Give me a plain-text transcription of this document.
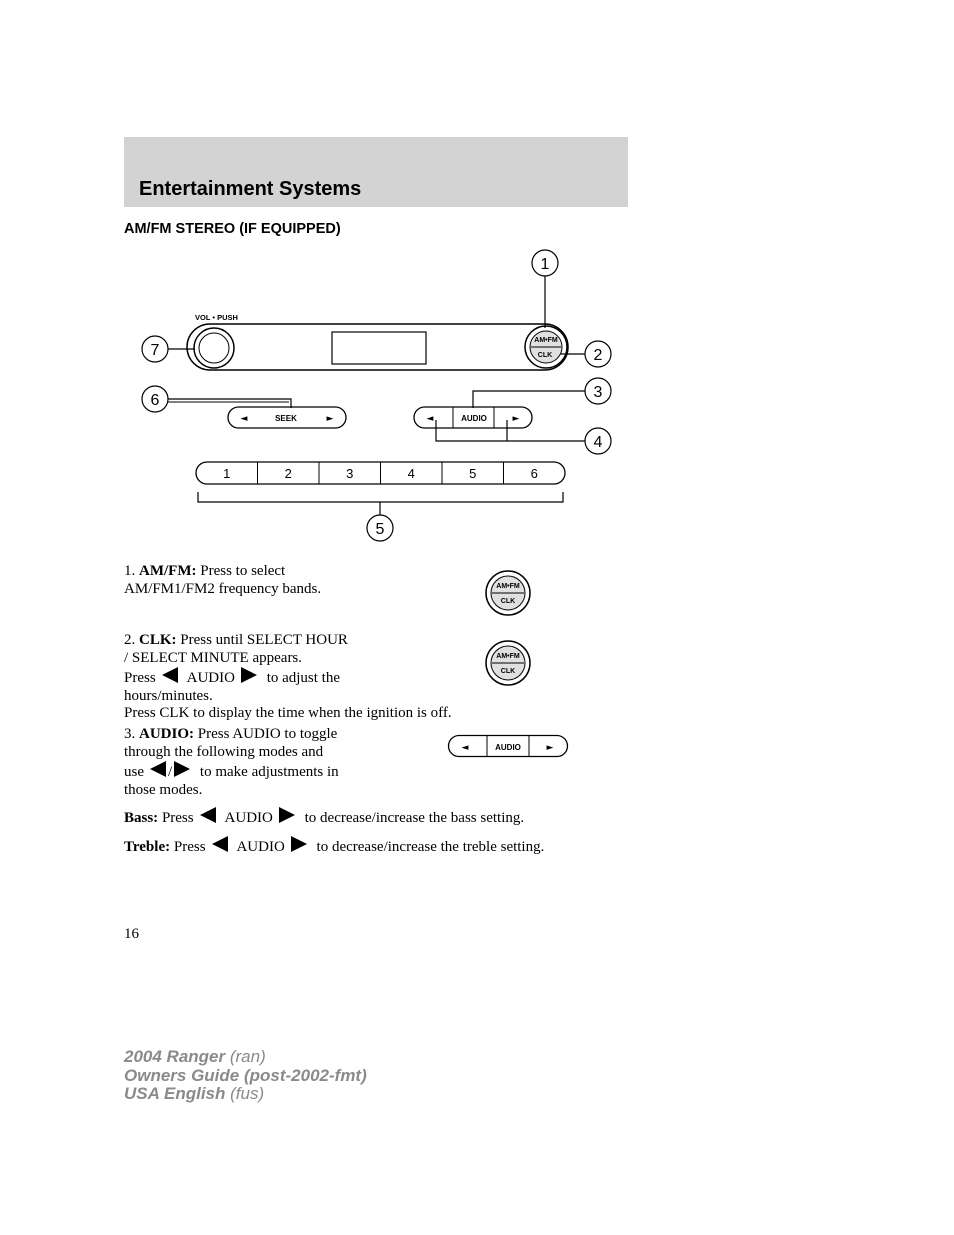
Entertainment Systems
AM/FM STEREO (IF EQUIPPED)
VOL • PUSH
AM•FM
CLK
◄	SEEK	►	◄	AUDIO	►
1	2	3	4	5	6
1
2
3
4
5
6
7
1. AM/FM: Press to select
AM/FM1/FM2 frequency bands.	AM•FM
CLK
2. CLK: Press until SELECT HOUR
/ SELECT MINUTE appears.
Press AUDIO to adjust the
hours/minutes.
Press CLK to display the time when the ignition is off.
AM•FM
CLK
3. AUDIO: Press AUDIO to toggle
through the following modes and
use / to make adjustments in
those modes.
◄	AUDIO	►
Bass: Press AUDIO to decrease/increase the bass setting.
Treble: Press AUDIO to decrease/increase the treble setting.
16
2004 Ranger (ran)
Owners Guide (post-2002-fmt)
USA English (fus)
